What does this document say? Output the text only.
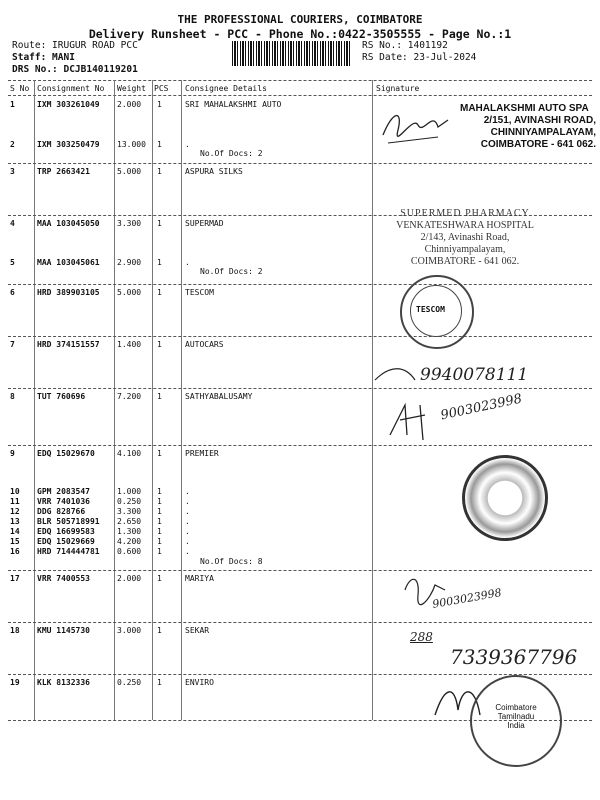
THE PROFESSIONAL COURIERS, COIMBATORE
Delivery Runsheet - PCC - Phone No.:0422-3505555 - Page No.:1
Route: IRUGUR ROAD PCC
Staff: MANI
DRS No.: DCJB140119201
RS No.: 1401192
RS Date: 23-Jul-2024
S No Consignment No Weight PCS Consignee Details	Signature
1	IXM 303261049 2.000 1	SRI MAHALAKSHMI AUTO
2	IXM 303250479 13.000 1	.
No.Of Docs: 2
3	TRP 2663421	5.000 1	ASPURA SILKS
4	MAA 103045050 3.300 1	SUPERMAD
5	MAA 103045061 2.900 1	.
No.Of Docs: 2
6	HRD 389903105 5.000 1	TESCOM
7	HRD 374151557 1.400 1	AUTOCARS
8	TUT 760696	7.200 1	SATHYABALUSAMY
9	EDQ 15029670	4.100 1	PREMIER
10 GPM 2083547	1.000 1	.
11 VRR 7401036	0.250 1	.
12 DDG 828766	3.300 1	.
13 BLR 505718991 2.650 1	.
14 EDQ 16699583	1.300 1	.
15 EDQ 15029669	4.200 1	.
16 HRD 714444781 0.600 1	.
No.Of Docs: 8
17 VRR 7400553	2.000 1	MARIYA
18 KMU 1145730	3.000 1	SEKAR
19 KLK 8132336	0.250 1	ENVIRO
MAHALAKSHMI AUTO SPA
2/151, AVINASHI ROAD,
CHINNIYAMPALAYAM,
COIMBATORE - 641 062.
SUPERMED PHARMACY
VENKATESHWARA HOSPITAL
2/143, Avinashi Road,
Chinniyampalayam,
COIMBATORE - 641 062.
TESCOM
9940078111
9003023998
9003023998
288
7339367796
Coimbatore
Tamilnadu
India
